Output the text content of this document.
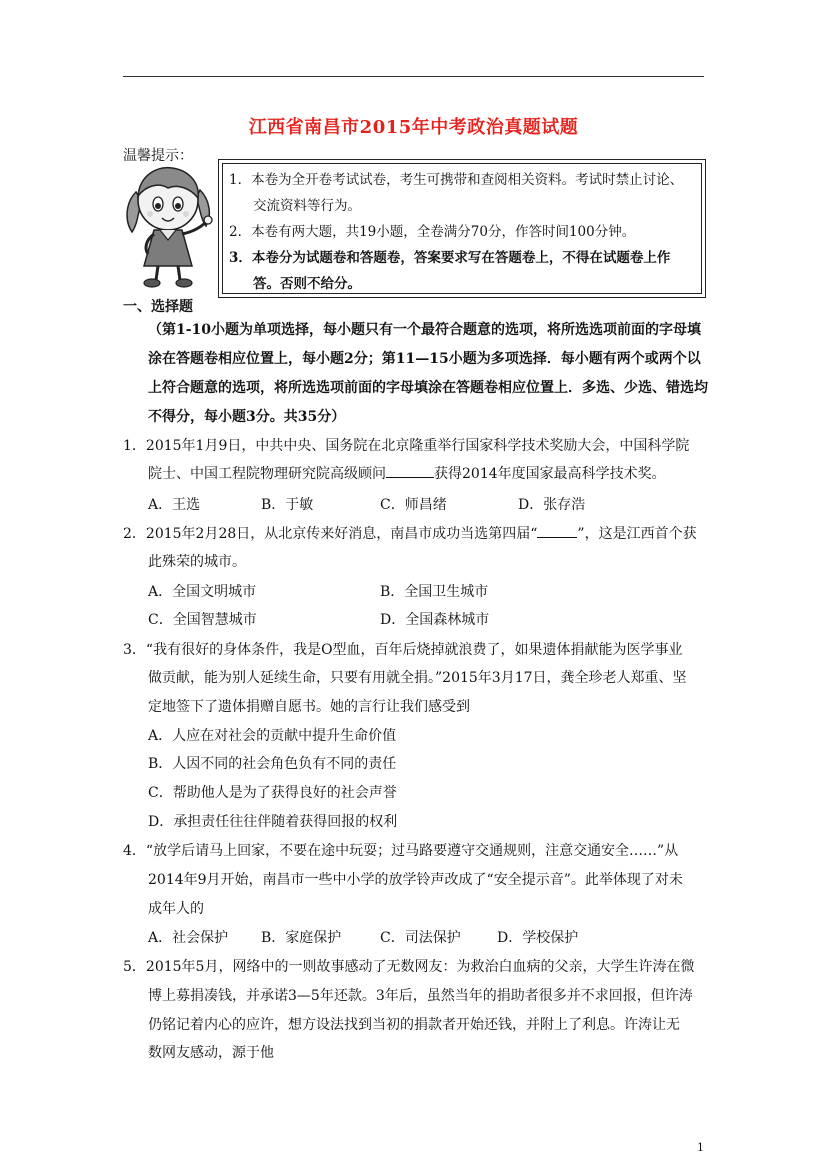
江西省南昌市2015年中考政治真题试题
温馨提示：
1．本卷为全开卷考试试卷，考生可携带和查阅相关资料。考试时禁止讨论、
交流资料等行为。
2．本卷有两大题，共19小题，全卷满分70分，作答时间100分钟。
3．本卷分为试题卷和答题卷，答案要求写在答题卷上，不得在试题卷上作
答。否则不给分。
一、选择题
（第1-10小题为单项选择，每小题只有一个最符合题意的选项，将所选选项前面的字母填涂在答题卷相应位置上，每小题2分；第11—15小题为多项选择．每小题有两个或两个以上符合题意的选项，将所选选项前面的字母填涂在答题卷相应位置上．多选、少选、错选均不得分，每小题3分。共35分）
1．2015年1月9日，中共中央、国务院在北京隆重举行国家科学技术奖励大会，中国科学院
院士、中国工程院物理研究院高级顾问	获得2014年度国家最高科学技术奖。
A．王选	B．于敏	C．师昌绪	D．张存浩
2．2015年2月28日，从北京传来好消息，南昌市成功当选第四届“	”，这是江西首个获
此殊荣的城市。
A．全国文明城市	B．全国卫生城市
C．全国智慧城市	D．全国森林城市
3．“我有很好的身体条件，我是O型血，百年后烧掉就浪费了，如果遗体捐献能为医学事业
做贡献，能为别人延续生命，只要有用就全捐。”2015年3月17日，龚全珍老人郑重、坚
定地签下了遗体捐赠自愿书。她的言行让我们感受到
A．人应在对社会的贡献中提升生命价值
B．人因不同的社会角色负有不同的责任
C．帮助他人是为了获得良好的社会声誉
D．承担责任往往伴随着获得回报的权利
4．“放学后请马上回家，不要在途中玩耍；过马路要遵守交通规则，注意交通安全……”从
2014年9月开始，南昌市一些中小学的放学铃声改成了“安全提示音”。此举体现了对未
成年人的
A．社会保护 B．家庭保护	C．司法保护	D．学校保护
5．2015年5月，网络中的一则故事感动了无数网友：为救治白血病的父亲，大学生许涛在微
博上募捐凑钱，并承诺3—5年还款。3年后，虽然当年的捐助者很多并不求回报，但许涛
仍铭记着内心的应许，想方设法找到当初的捐款者开始还钱，并附上了利息。许涛让无
数网友感动，源于他
1
